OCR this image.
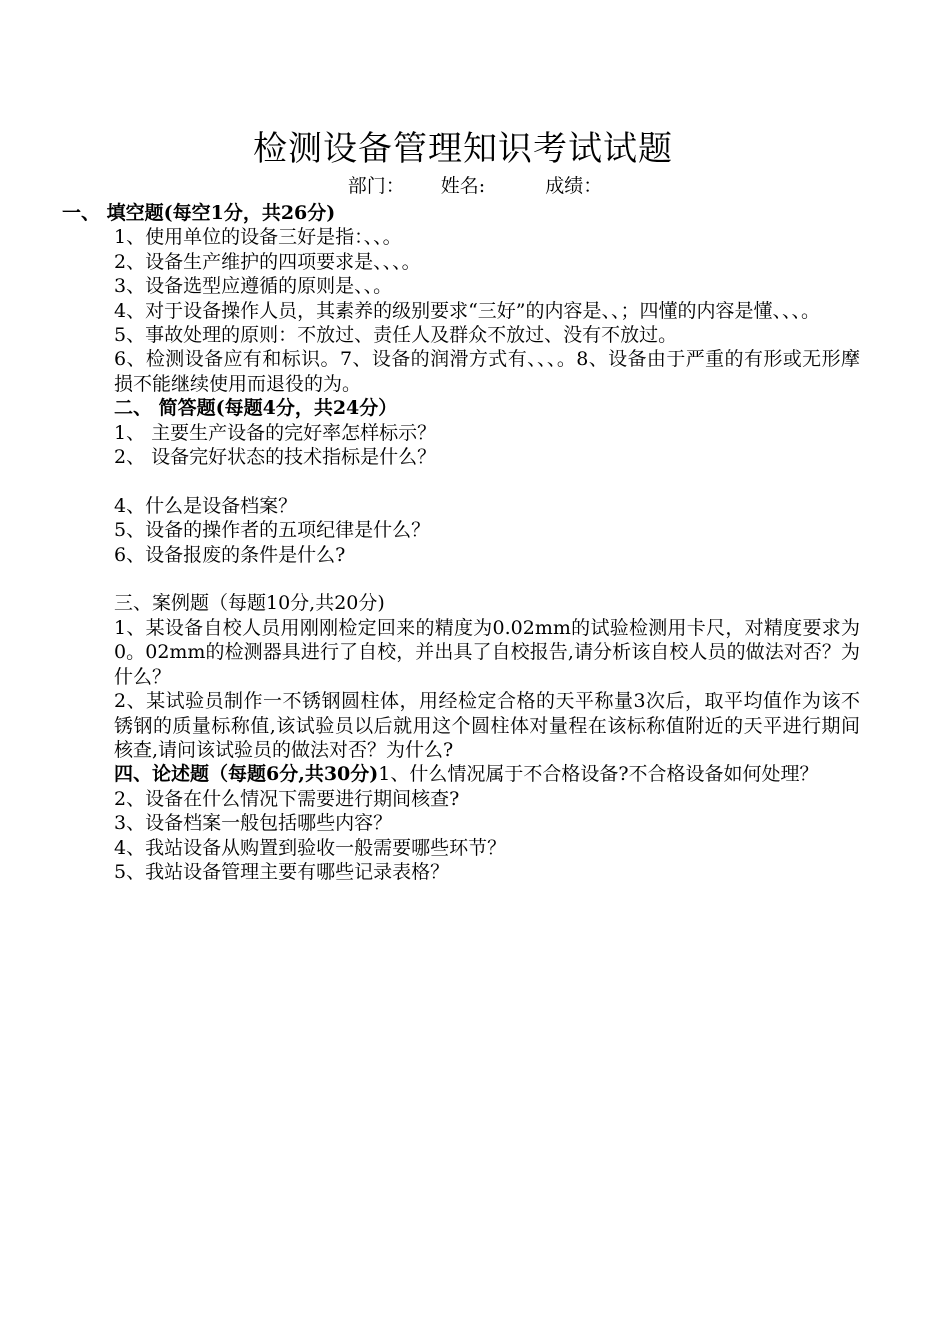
检测设备管理知识考试试题
部门： 姓名:	成绩：

一、 填空题(每空1分，共26分)

1、使用单位的设备三好是指：、、。

2、设备生产维护的四项要求是、、、。

3、设备选型应遵循的原则是、、。

4、对于设备操作人员，其素养的级别要求“三好”的内容是、、；四懂的内容是懂、、、。

5、事故处理的原则：不放过、责任人及群众不放过、没有不放过。

6、检测设备应有和标识。7、设备的润滑方式有、、、。8、设备由于严重的有形或无形摩损不能继续使用而退役的为。

二、 简答题(每题4分，共24分）

1、 主要生产设备的完好率怎样标示？

2、 设备完好状态的技术指标是什么？

4、什么是设备档案？

5、设备的操作者的五项纪律是什么？

6、设备报废的条件是什么?

三、案例题（每题10分,共20分)

1、某设备自校人员用刚刚检定回来的精度为0.02mm的试验检测用卡尺，对精度要求为0。02mm的检测器具进行了自校，并出具了自校报告,请分析该自校人员的做法对否？为什么？

2、某试验员制作一不锈钢圆柱体，用经检定合格的天平称量3次后，取平均值作为该不锈钢的质量标称值,该试验员以后就用这个圆柱体对量程在该标称值附近的天平进行期间核查,请问该试验员的做法对否？为什么?

四、论述题（每题6分,共30分)1、什么情况属于不合格设备?不合格设备如何处理？

2、设备在什么情况下需要进行期间核查?

3、设备档案一般包括哪些内容？

4、我站设备从购置到验收一般需要哪些环节？

5、我站设备管理主要有哪些记录表格？
